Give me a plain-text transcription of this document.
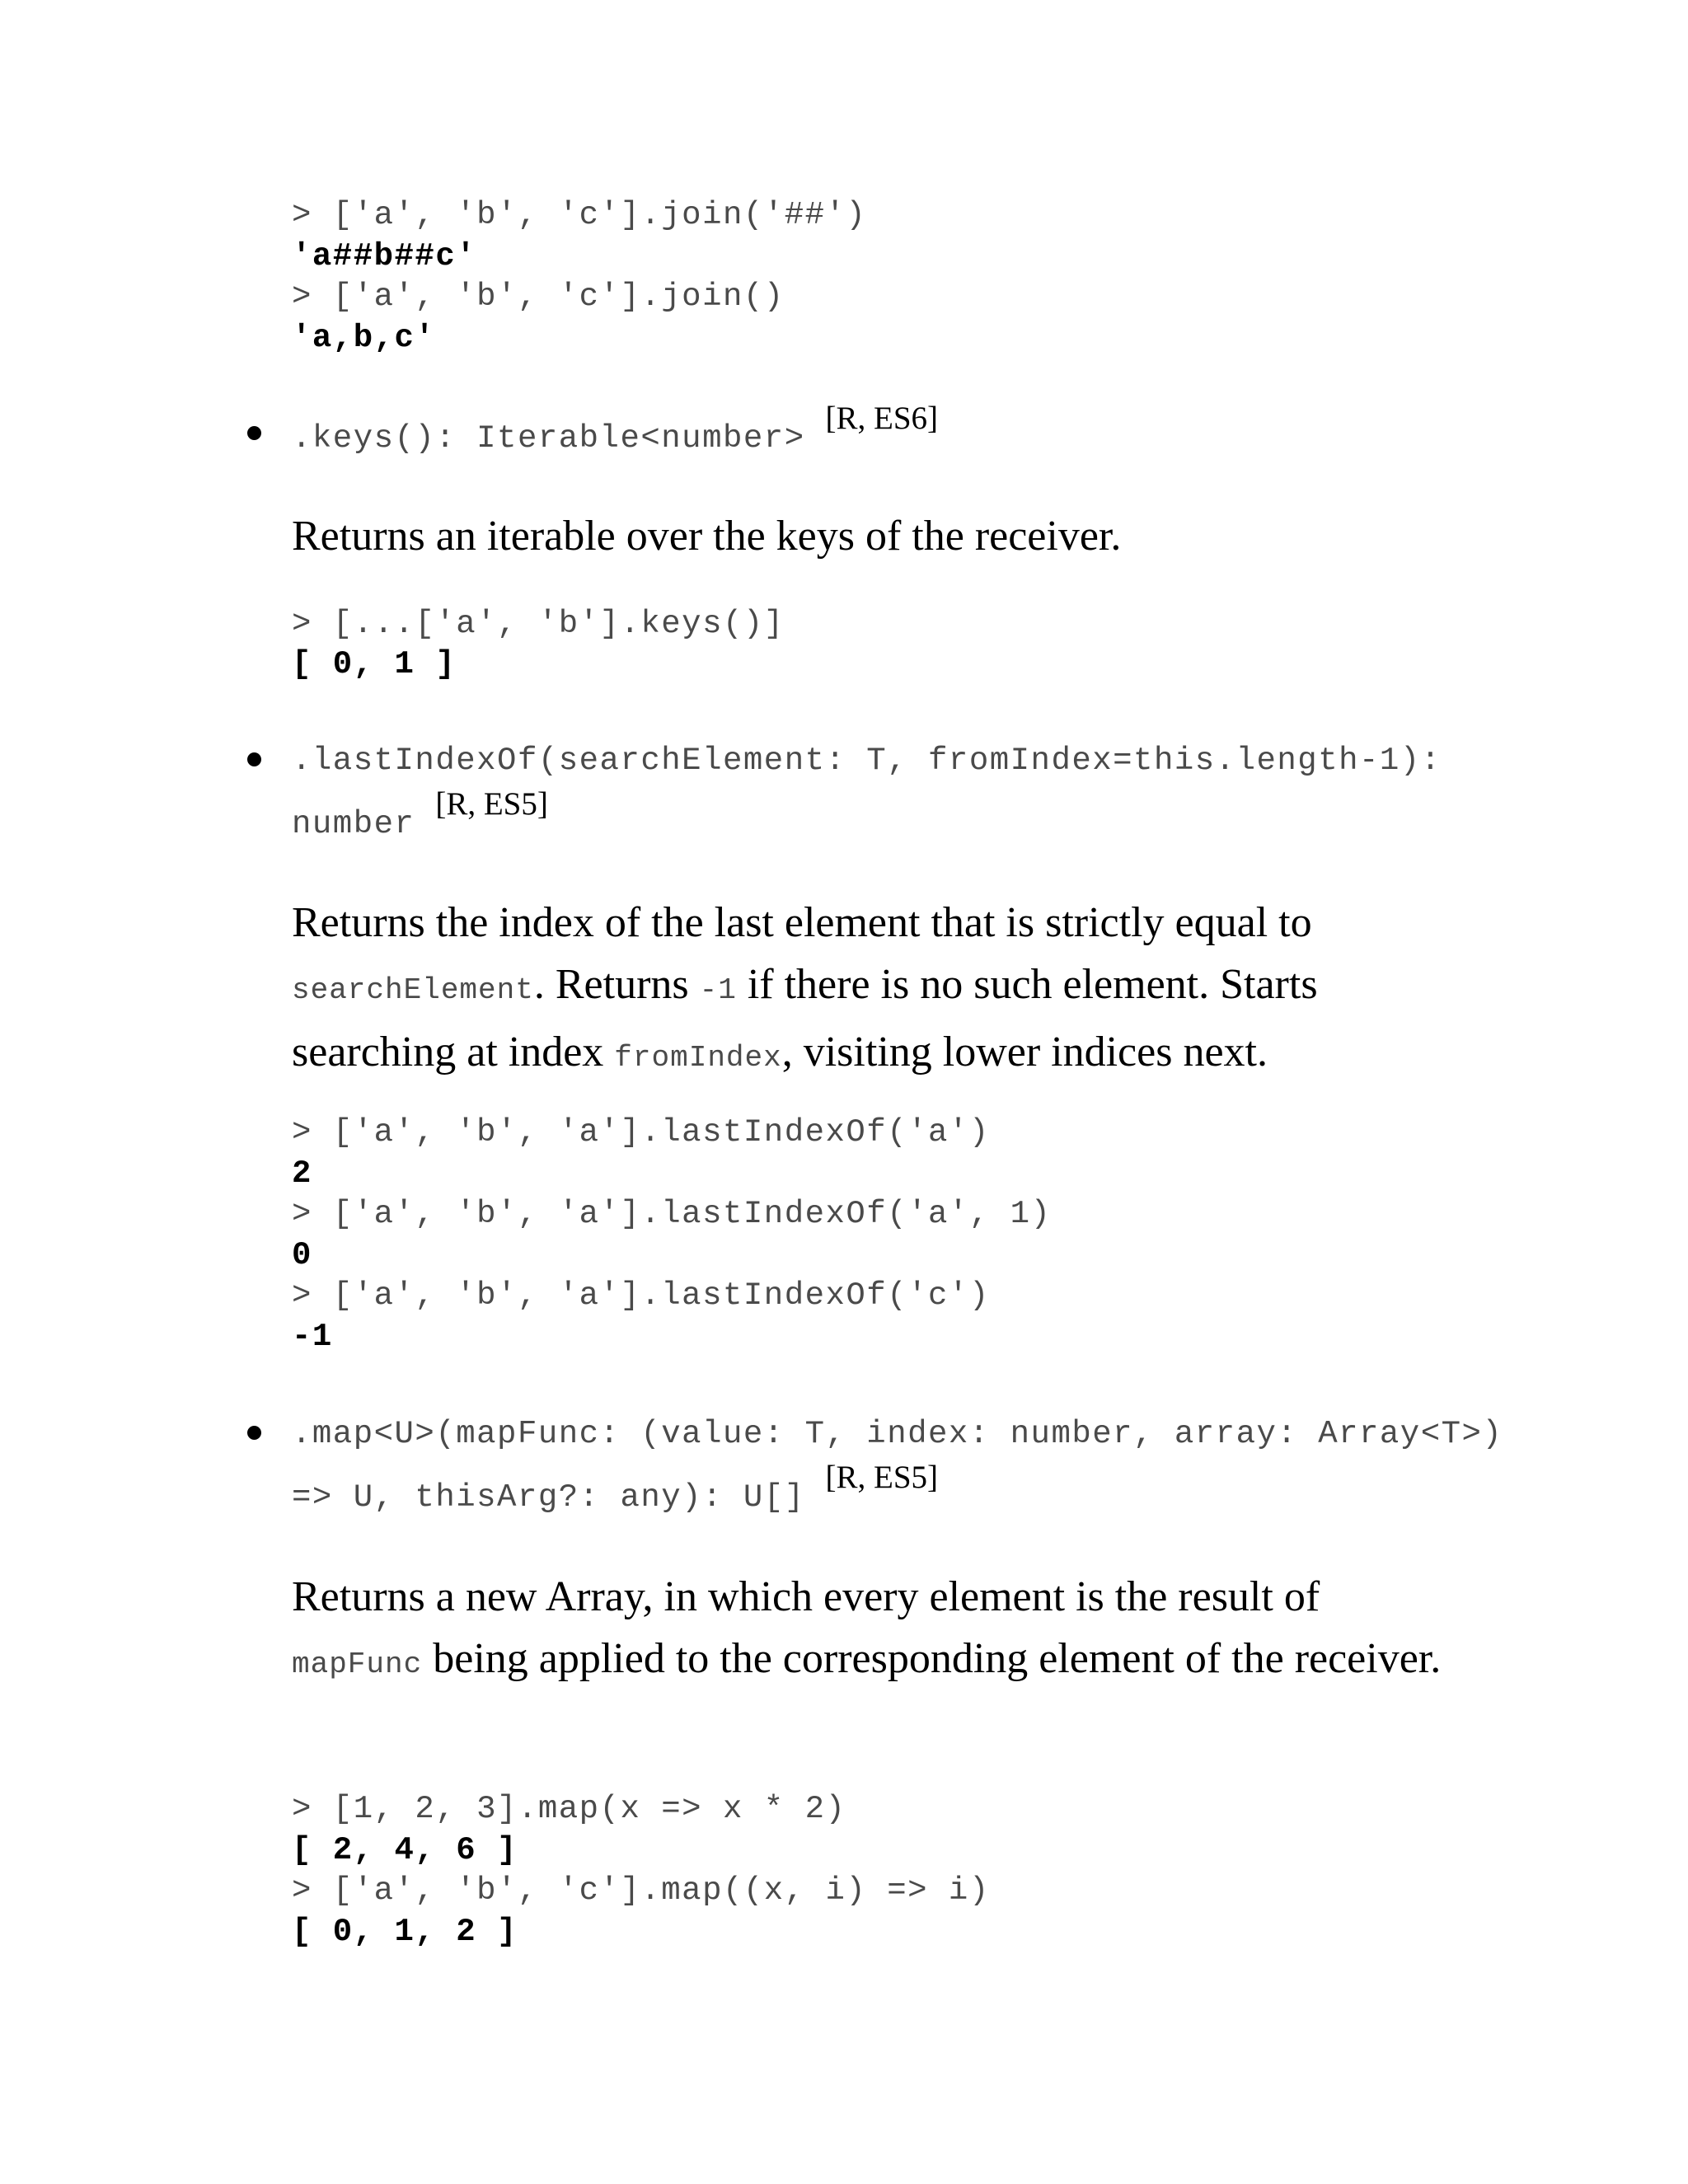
> ['a', 'b', 'c'].join('##')
'a##b##c'
> ['a', 'b', 'c'].join()
'a,b,c'
.keys(): Iterable<number> [R, ES6]
Returns an iterable over the keys of the receiver.
> [...['a', 'b'].keys()]
[ 0, 1 ]
.lastIndexOf(searchElement: T, fromIndex=this.length-1):
number [R, ES5]
Returns the index of the last element that is strictly equal to searchElement. Returns -1 if there is no such element. Starts searching at index fromIndex, visiting lower indices next.
> ['a', 'b', 'a'].lastIndexOf('a')
2
> ['a', 'b', 'a'].lastIndexOf('a', 1)
0
> ['a', 'b', 'a'].lastIndexOf('c')
-1
.map<U>(mapFunc: (value: T, index: number, array: Array<T>)
=> U, thisArg?: any): U[] [R, ES5]
Returns a new Array, in which every element is the result of mapFunc being applied to the corresponding element of the receiver.
> [1, 2, 3].map(x => x * 2)
[ 2, 4, 6 ]
> ['a', 'b', 'c'].map((x, i) => i)
[ 0, 1, 2 ]
